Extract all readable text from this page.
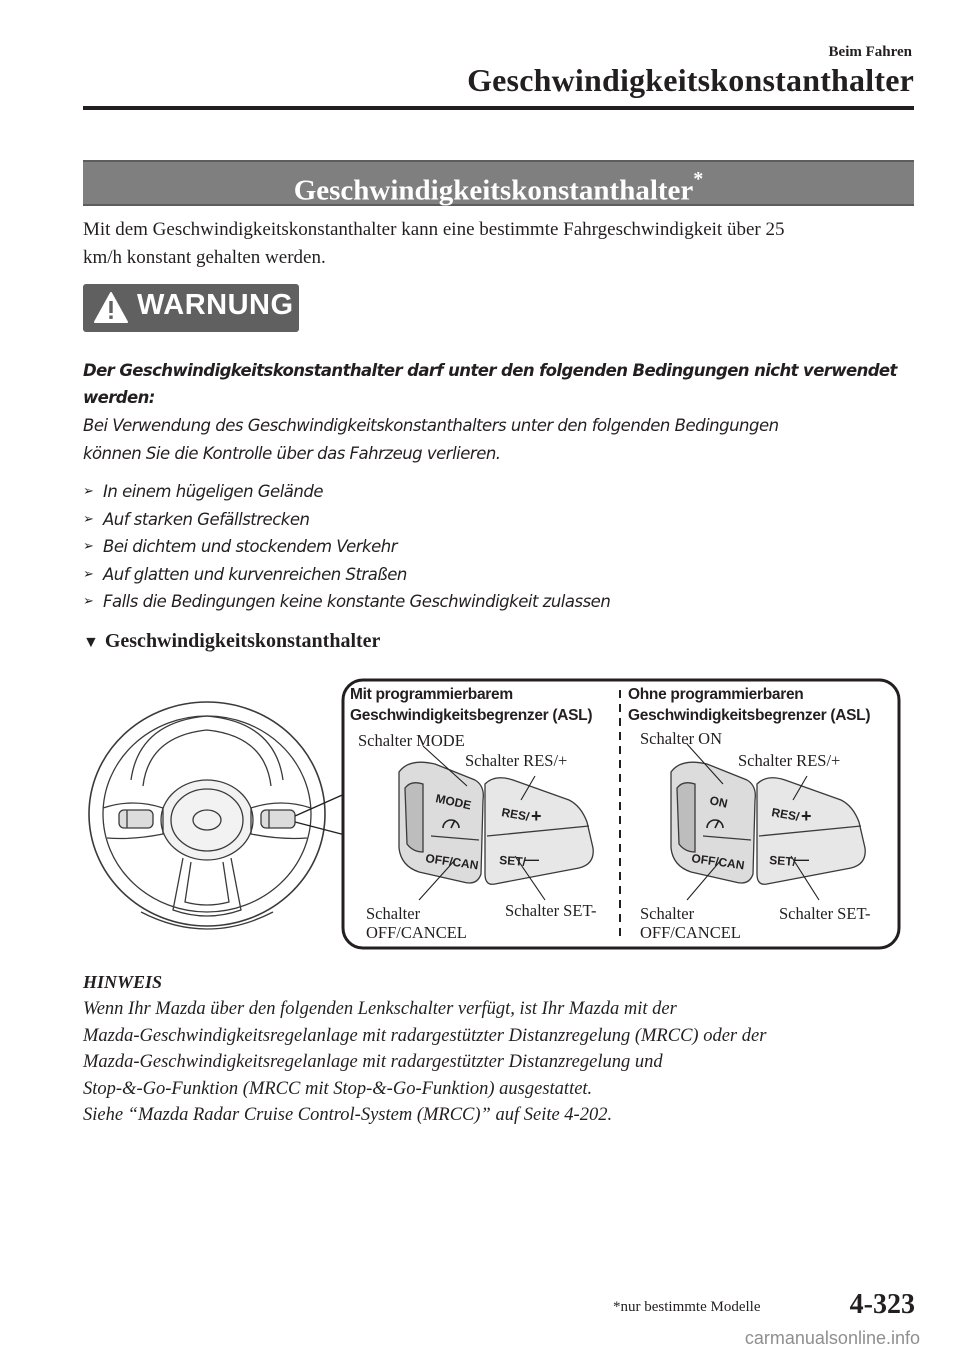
Beim Fahren
Geschwindigkeitskonstanthalter
Geschwindigkeitskonstanthalter*
Mit dem Geschwindigkeitskonstanthalter kann eine bestimmte Fahrgeschwindigkeit über 25
km/h konstant gehalten werden.
WARNUNG
Der Geschwindigkeitskonstanthalter darf unter den folgenden Bedingungen nicht verwendet
werden:
Bei Verwendung des Geschwindigkeitskonstanthalters unter den folgenden Bedingungen
können Sie die Kontrolle über das Fahrzeug verlieren.
➢ In einem hügeligen Gelände
➢ Auf starken Gefällstrecken
➢ Bei dichtem und stockendem Verkehr
➢ Auf glatten und kurvenreichen Straßen
➢ Falls die Bedingungen keine konstante Geschwindigkeit zulassen
▼ Geschwindigkeitskonstanthalter
MODE
OFF/CAN
RES/ +
SET/
—
ON
OFF/CAN
RES/ +
SET/
—
Mit programmierbarem
Geschwindigkeitsbegrenzer (ASL)
Ohne programmierbaren
Geschwindigkeitsbegrenzer (ASL)
Schalter MODE
Schalter RES/+
Schalter
OFF/CANCEL
Schalter SET-
Schalter ON
Schalter RES/+
Schalter
OFF/CANCEL
Schalter SET-
HINWEIS
Wenn Ihr Mazda über den folgenden Lenkschalter verfügt, ist Ihr Mazda mit der
Mazda-Geschwindigkeitsregelanlage mit radargestützter Distanzregelung (MRCC) oder der
Mazda-Geschwindigkeitsregelanlage mit radargestützter Distanzregelung und
Stop-&-Go-Funktion (MRCC mit Stop-&-Go-Funktion) ausgestattet.
Siehe “Mazda Radar Cruise Control-System (MRCC)” auf Seite 4-202.
*nur bestimmte Modelle	4-323
carmanualsonline.info
